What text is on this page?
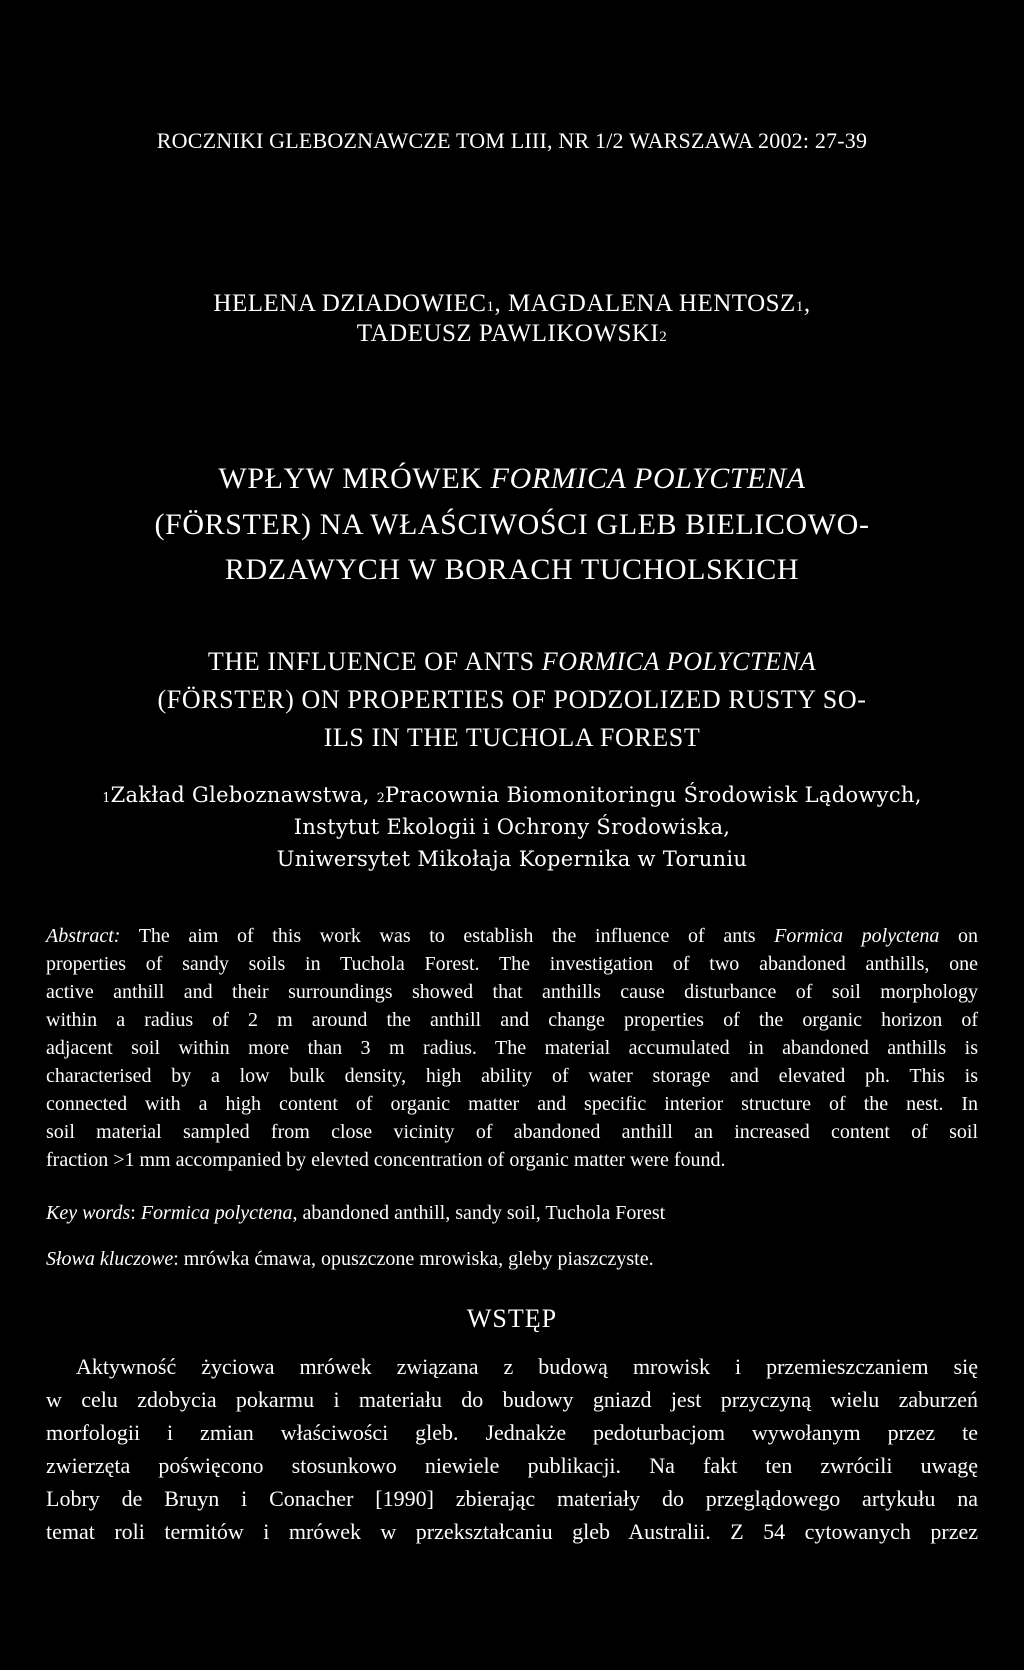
ROCZNIKI GLEBOZNAWCZE TOM LIII, NR 1/2 WARSZAWA 2002: 27-39
HELENA DZIADOWIEC$^1$, MAGDALENA HENTOSZ$^1$,
TADEUSZ PAWLIKOWSKI$^2$
WPŁYW MRÓWEK FORMICA POLYCTENA
(FÖRSTER) NA WŁAŚCIWOŚCI GLEB BIELICOWO-
RDZAWYCH W BORACH TUCHOLSKICH
THE INFLUENCE OF ANTS FORMICA POLYCTENA
(FÖRSTER) ON PROPERTIES OF PODZOLIZED RUSTY SO-
ILS IN THE TUCHOLA FOREST
$^1$Zakład Gleboznawstwa, $^2$Pracownia Biomonitoringu Środowisk Lądowych,
Instytut Ekologii i Ochrony Środowiska,
Uniwersytet Mikołaja Kopernika w Toruniu
Abstract: The aim of this work was to establish the influence of ants Formica polyctena on
properties of sandy soils in Tuchola Forest. The investigation of two abandoned anthills, one
active anthill and their surroundings showed that anthills cause disturbance of soil morphology
within a radius of 2 m around the anthill and change properties of the organic horizon of
adjacent soil within more than 3 m radius. The material accumulated in abandoned anthills is
characterised by a low bulk density, high ability of water storage and elevated ph. This is
connected with a high content of organic matter and specific interior structure of the nest. In
soil material sampled from close vicinity of abandoned anthill an increased content of soil
fraction >1 mm accompanied by elevted concentration of organic matter were found.
Key words: Formica polyctena, abandoned anthill, sandy soil, Tuchola Forest
Słowa kluczowe: mrówka ćmawa, opuszczone mrowiska, gleby piaszczyste.
WSTĘP
Aktywność życiowa mrówek związana z budową mrowisk i przemieszczaniem się
w celu zdobycia pokarmu i materiału do budowy gniazd jest przyczyną wielu zaburzeń
morfologii i zmian właściwości gleb. Jednakże pedoturbacjom wywołanym przez te
zwierzęta poświęcono stosunkowo niewiele publikacji. Na fakt ten zwrócili uwagę
Lobry de Bruyn i Conacher [1990] zbierając materiały do przeglądowego artykułu na
temat roli termitów i mrówek w przekształcaniu gleb Australii. Z 54 cytowanych przez
